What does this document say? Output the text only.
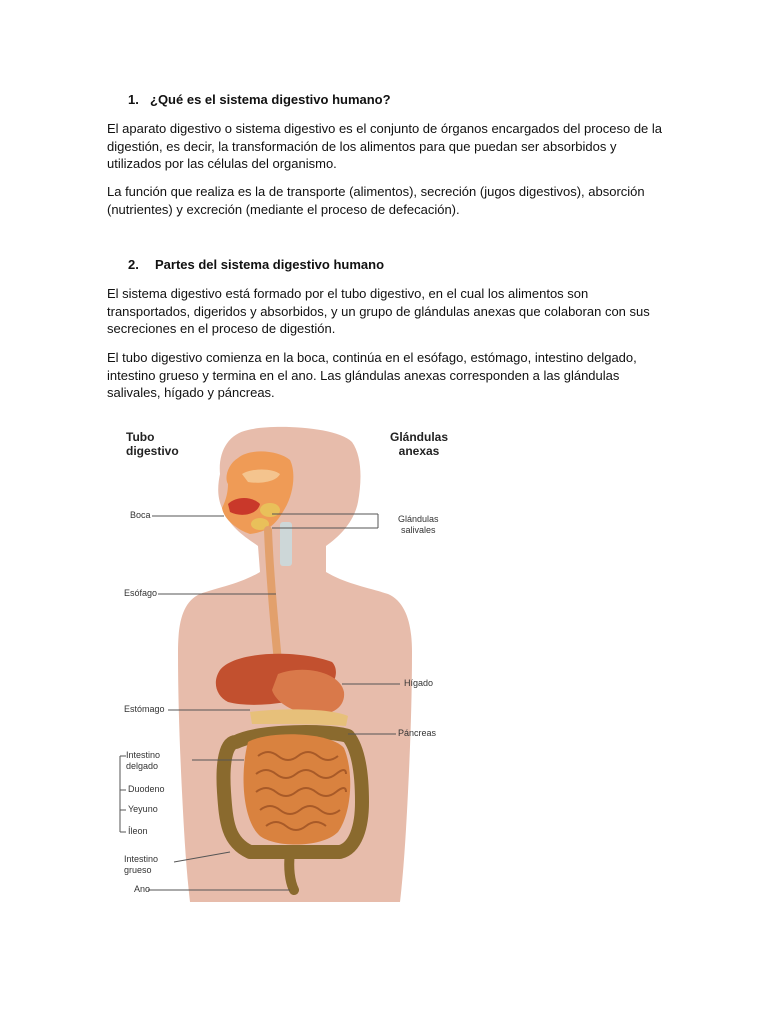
1. ¿Qué es el sistema digestivo humano?

El aparato digestivo o sistema digestivo es el conjunto de órganos encargados del proceso de la digestión, es decir, la transformación de los alimentos para que puedan ser absorbidos y utilizados por las células del organismo.

La función que realiza es la de transporte (alimentos), secreción (jugos digestivos), absorción (nutrientes) y excreción (mediante el proceso de defecación).

2. Partes del sistema digestivo humano

El sistema digestivo está formado por el tubo digestivo, en el cual los alimentos son transportados, digeridos y absorbidos, y un grupo de glándulas anexas que colaboran con sus secreciones en el proceso de digestión.

El tubo digestivo comienza en la boca, continúa en el esófago, estómago, intestino delgado, intestino grueso y termina en el ano. Las glándulas anexas corresponden a las glándulas salivales, hígado y páncreas.

Tubo
digestivo
Glándulas
anexas
Boca
Esófago
Estómago
Intestino
delgado
Duodeno
Yeyuno
Íleon
Intestino
grueso
Ano
Glándulas
salivales
Hígado
Páncreas
